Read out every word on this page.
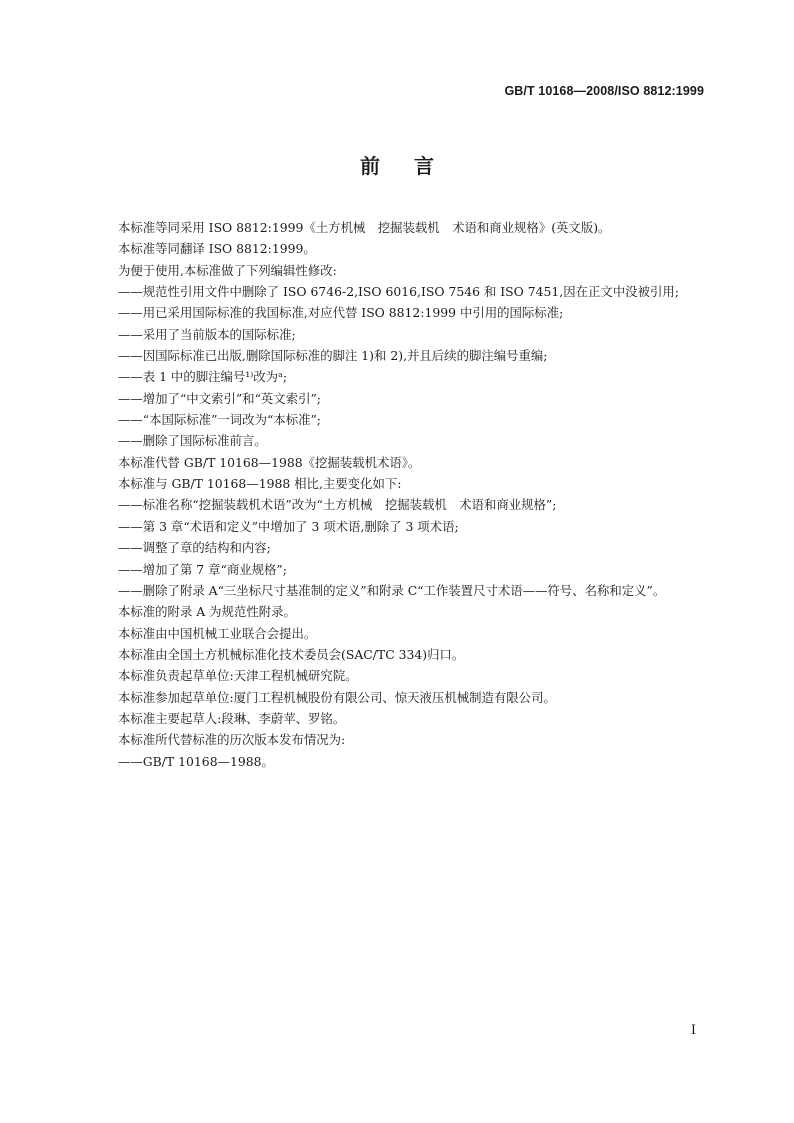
GB/T 10168—2008/ISO 8812:1999
前言
本标准等同采用 ISO 8812:1999《土方机械　挖掘装载机　术语和商业规格》(英文版)。
本标准等同翻译 ISO 8812:1999。
为便于使用,本标准做了下列编辑性修改:
——规范性引用文件中删除了 ISO 6746-2,ISO 6016,ISO 7546 和 ISO 7451,因在正文中没被引用;
——用已采用国际标准的我国标准,对应代替 ISO 8812:1999 中引用的国际标准;
——采用了当前版本的国际标准;
——因国际标准已出版,删除国际标准的脚注 1)和 2),并且后续的脚注编号重编;
——表 1 中的脚注编号¹⁾改为ᵃ;
——增加了“中文索引”和“英文索引”;
——“本国际标准”一词改为“本标准”;
——删除了国际标准前言。
本标准代替 GB/T 10168—1988《挖掘装载机术语》。
本标准与 GB/T 10168—1988 相比,主要变化如下:
——标准名称“挖掘装载机术语”改为“土方机械　挖掘装载机　术语和商业规格”;
——第 3 章“术语和定义”中增加了 3 项术语,删除了 3 项术语;
——调整了章的结构和内容;
——增加了第 7 章“商业规格”;
——删除了附录 A“三坐标尺寸基准制的定义”和附录 C“工作装置尺寸术语——符号、名称和定义”。
本标准的附录 A 为规范性附录。
本标准由中国机械工业联合会提出。
本标准由全国土方机械标准化技术委员会(SAC/TC 334)归口。
本标准负责起草单位:天津工程机械研究院。
本标准参加起草单位:厦门工程机械股份有限公司、惊天液压机械制造有限公司。
本标准主要起草人:段琳、李蔚苹、罗铭。
本标准所代替标准的历次版本发布情况为:
——GB/T 10168—1988。
I
